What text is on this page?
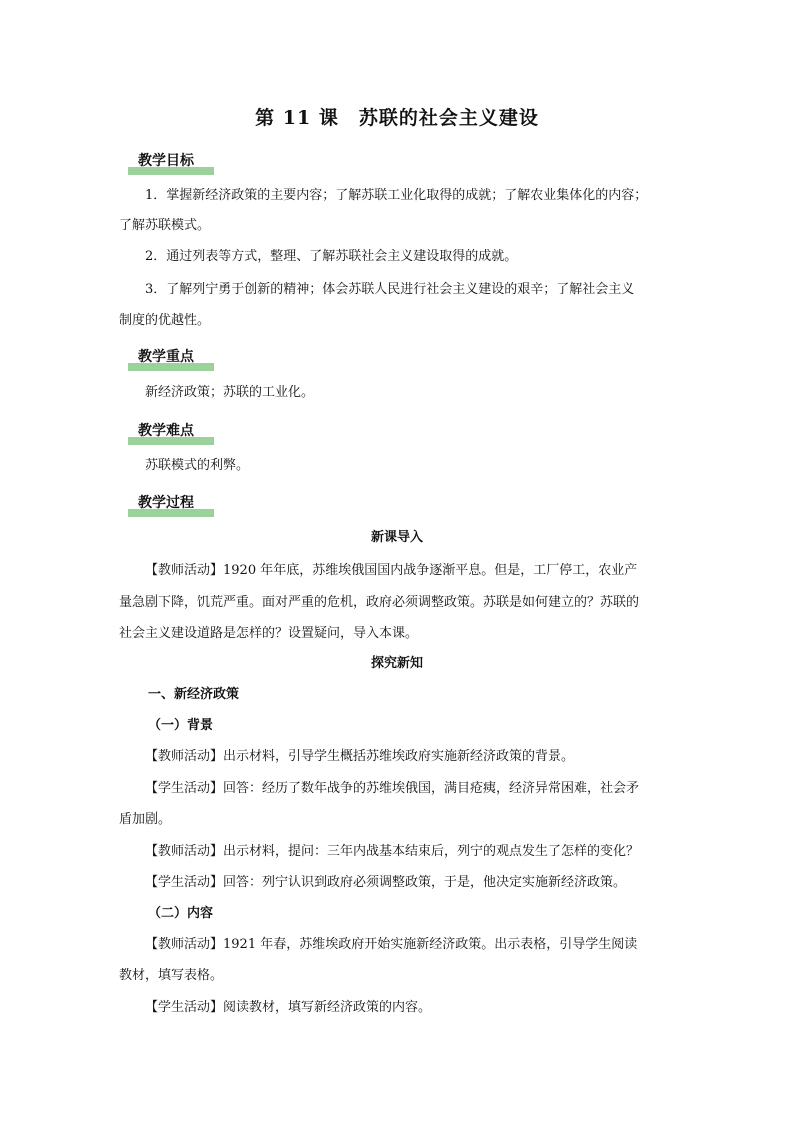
第 11 课　苏联的社会主义建设
教学目标
1．掌握新经济政策的主要内容；了解苏联工业化取得的成就；了解农业集体化的内容；
了解苏联模式。
2．通过列表等方式，整理、了解苏联社会主义建设取得的成就。
3．了解列宁勇于创新的精神；体会苏联人民进行社会主义建设的艰辛；了解社会主义
制度的优越性。
教学重点
新经济政策；苏联的工业化。
教学难点
苏联模式的利弊。
教学过程
新课导入
【教师活动】1920 年年底，苏维埃俄国国内战争逐渐平息。但是，工厂停工，农业产
量急剧下降，饥荒严重。面对严重的危机，政府必须调整政策。苏联是如何建立的？苏联的
社会主义建设道路是怎样的？设置疑问，导入本课。
探究新知
一、新经济政策
（一）背景
【教师活动】出示材料，引导学生概括苏维埃政府实施新经济政策的背景。
【学生活动】回答：经历了数年战争的苏维埃俄国，满目疮痍，经济异常困难，社会矛
盾加剧。
【教师活动】出示材料，提问：三年内战基本结束后，列宁的观点发生了怎样的变化？
【学生活动】回答：列宁认识到政府必须调整政策，于是，他决定实施新经济政策。
（二）内容
【教师活动】1921 年春，苏维埃政府开始实施新经济政策。出示表格，引导学生阅读
教材，填写表格。
【学生活动】阅读教材，填写新经济政策的内容。
